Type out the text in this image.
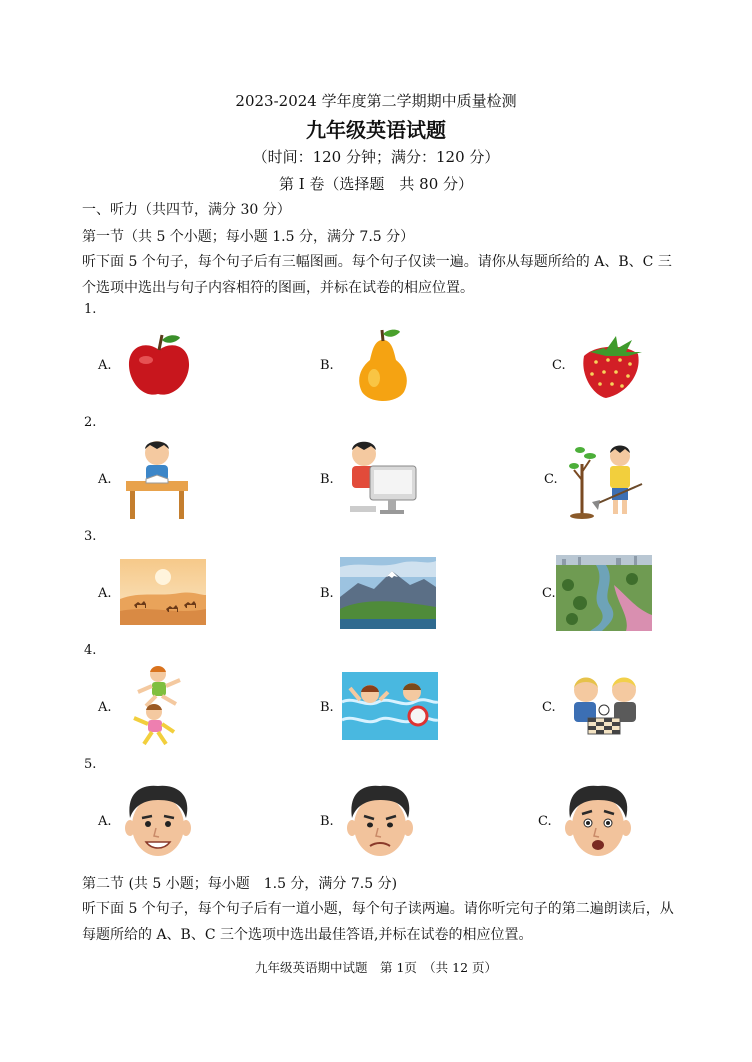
2023-2024 学年度第二学期期中质量检测
九年级英语试题
（时间：120 分钟；满分：120 分）
第 I 卷（选择题　共 80 分）
一、听力（共四节，满分 30 分）
第一节（共 5 个小题；每小题 1.5 分，满分 7.5 分）
听下面 5 个句子，每个句子后有三幅图画。每个句子仅读一遍。请你从每题所给的 A、B、C 三个选项中选出与句子内容相符的图画，并标在试卷的相应位置。
1.
A.	B.	C.
2.
A.	B.	C.
3.
A.	B.	C.
4.
A.	B.	C.
5.
A.	B.	C.
第二节 (共 5 小题；每小题　1.5 分，满分 7.5 分)
听下面 5 个句子，每个句子后有一道小题，每个句子读两遍。请你听完句子的第二遍朗读后，从每题所给的 A、B、C 三个选项中选出最佳答语,并标在试卷的相应位置。
九年级英语期中试题　第 1页　（共 12 页）
